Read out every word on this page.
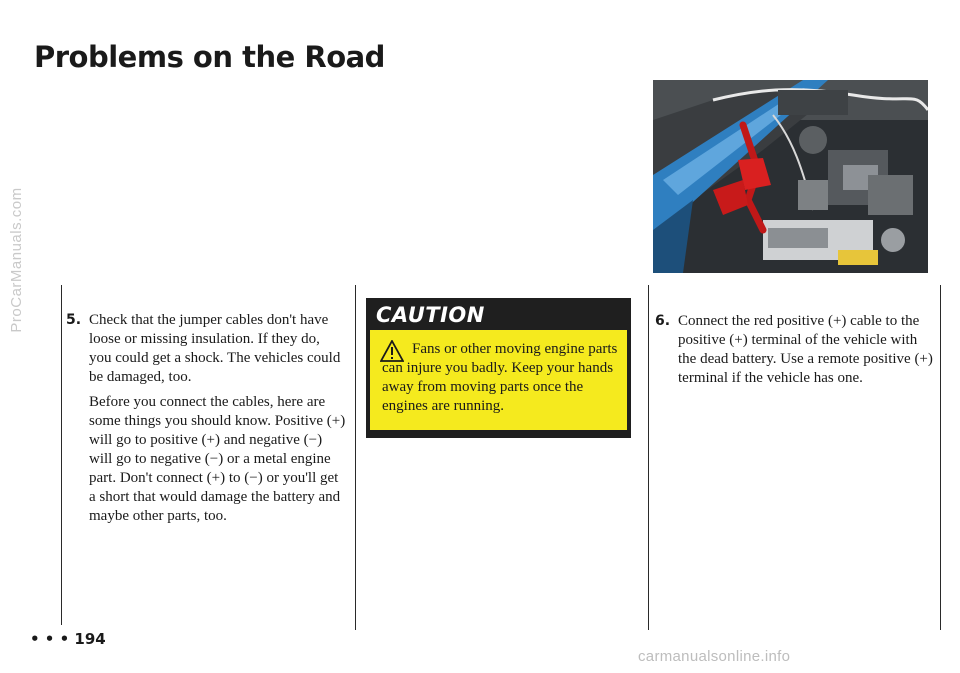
ProCarManuals.com
Problems on the Road
5. Check that the jumper cables don't have loose or missing insulation. If they do, you could get a shock. The vehicles could be damaged, too.

Before you connect the cables, here are some things you should know. Positive (+) will go to positive (+) and negative (−) will go to negative (−) or a metal engine part. Don't connect (+) to (−) or you'll get a short that would damage the battery and maybe other parts, too.

CAUTION
Fans or other moving engine parts can injure you badly. Keep your hands away from moving parts once the engines are running.
6. Connect the red positive (+) cable to the positive (+) terminal of the vehicle with the dead battery. Use a remote positive (+) terminal if the vehicle has one.

• • • 194
carmanualsonline.info
